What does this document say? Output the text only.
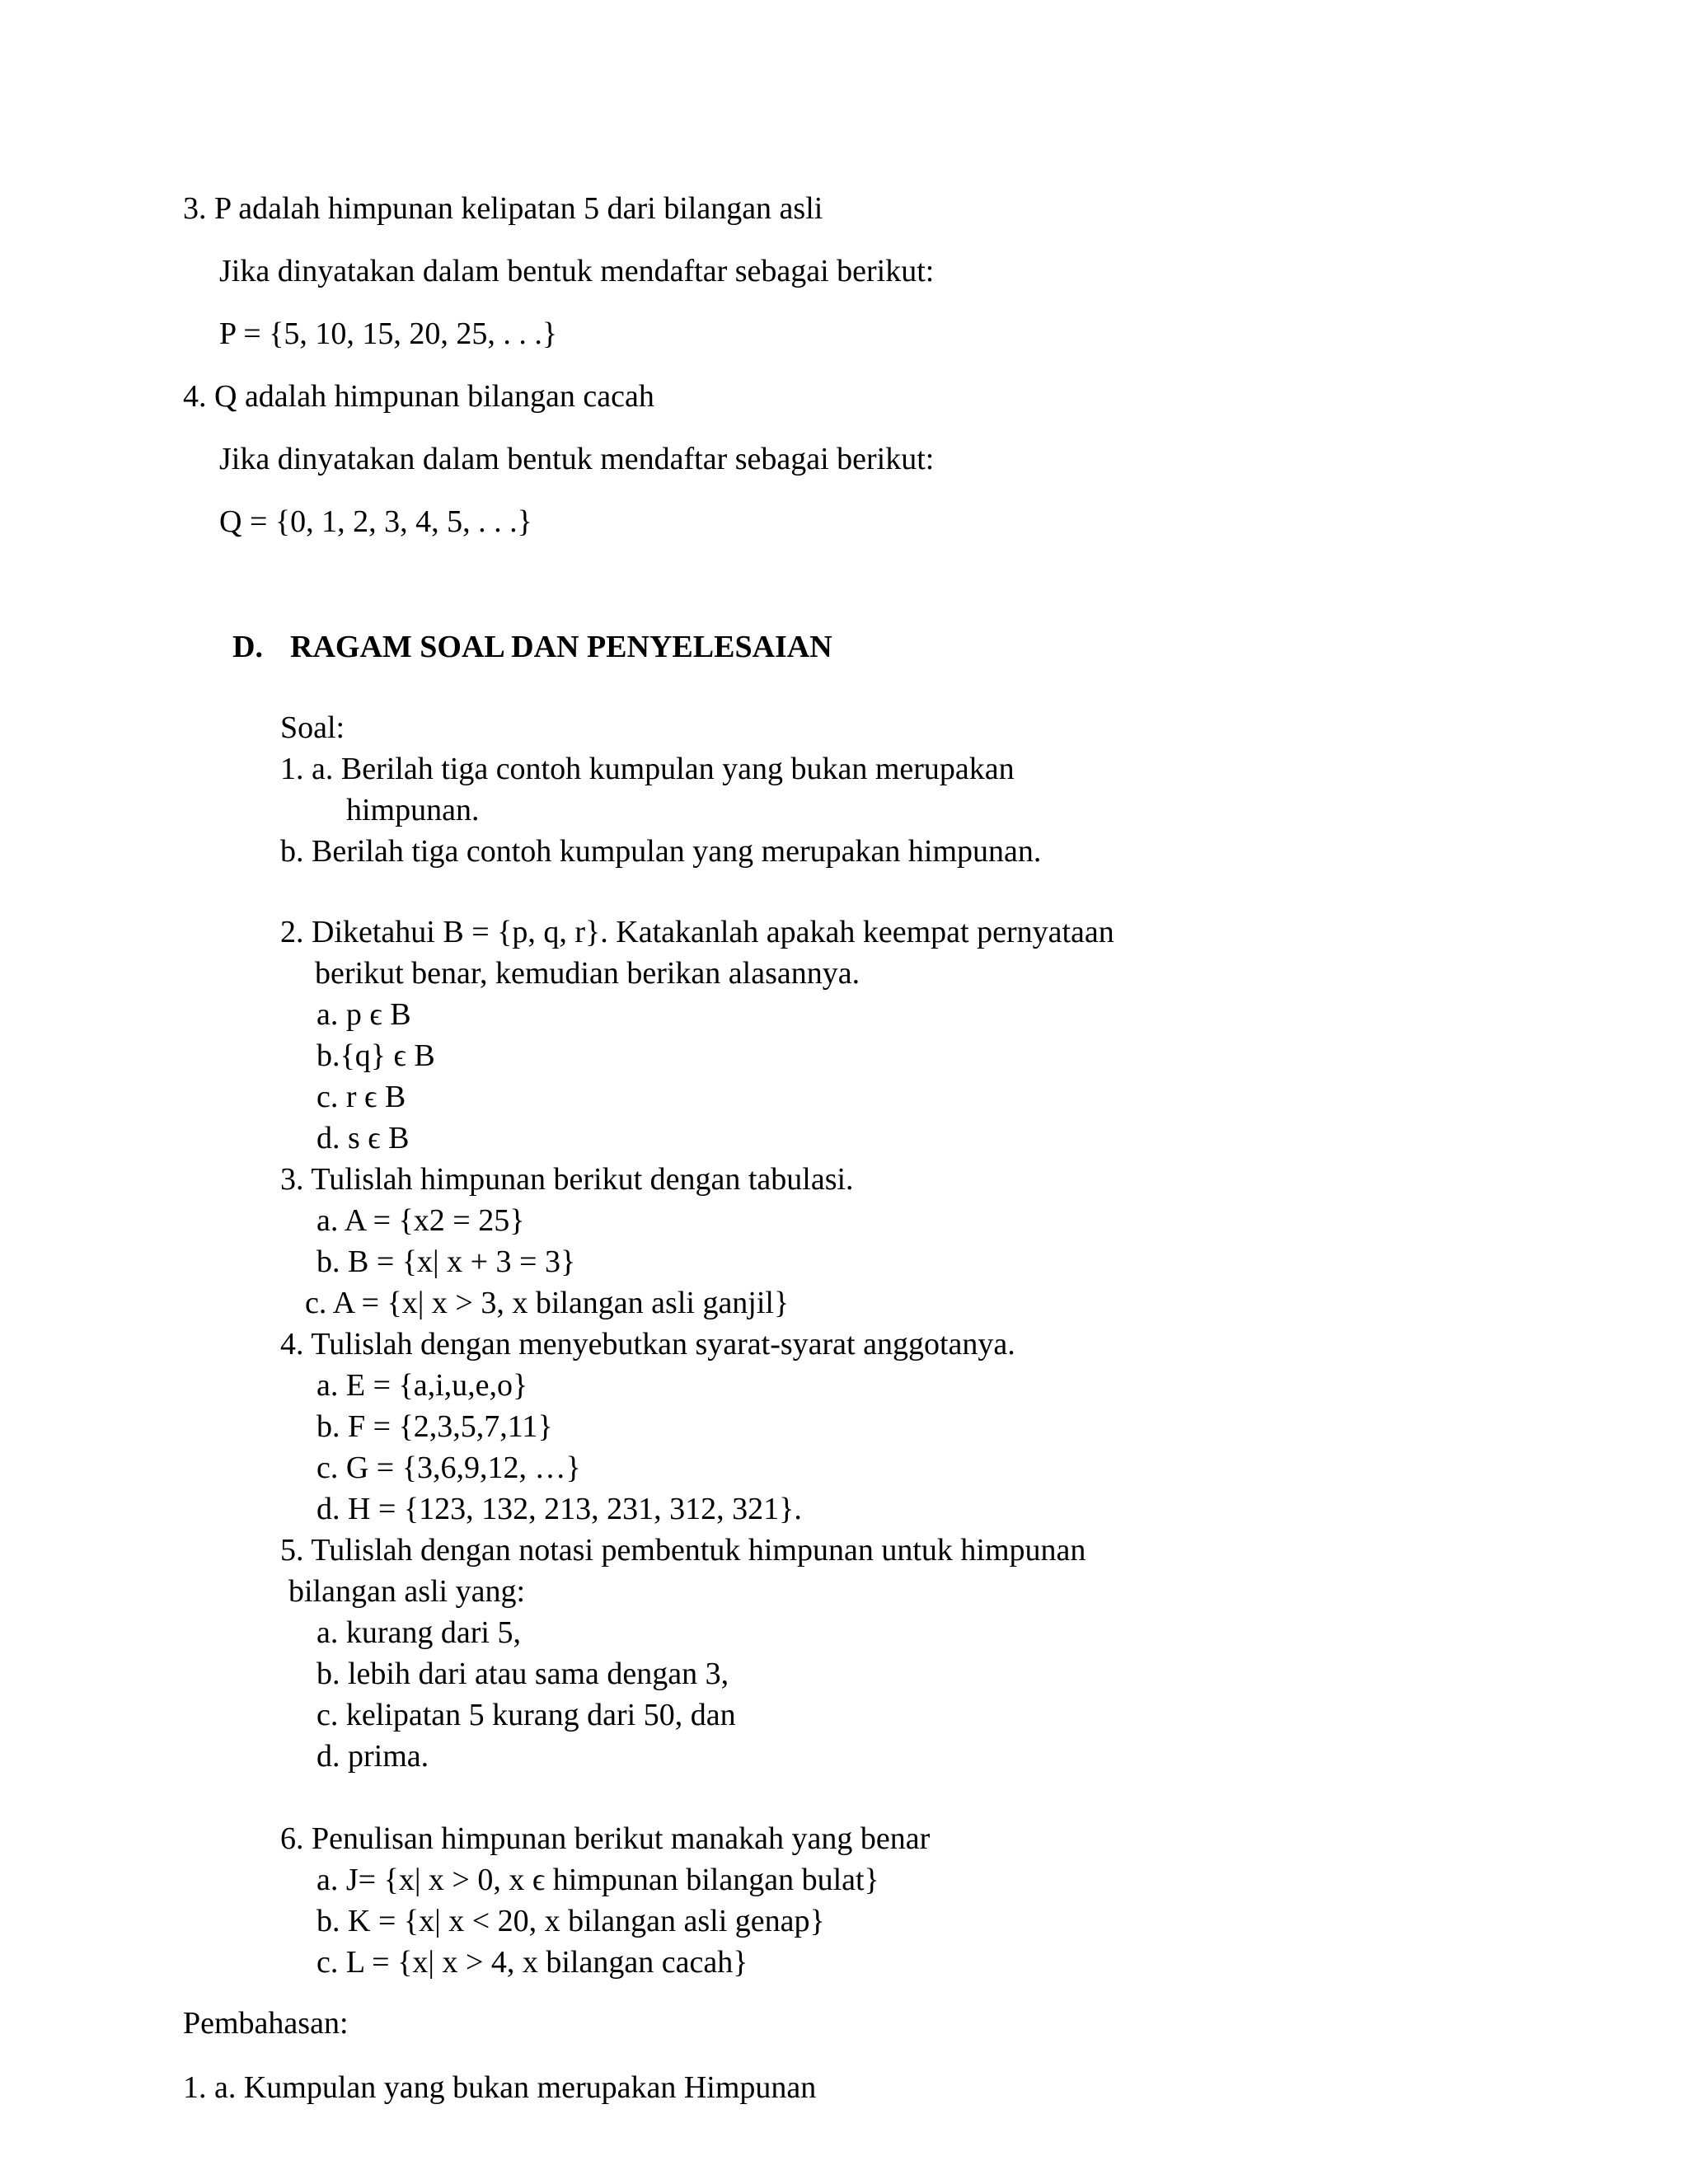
3. P adalah himpunan kelipatan 5 dari bilangan asli
Jika dinyatakan dalam bentuk mendaftar sebagai berikut:
P = {5, 10, 15, 20, 25, . . .}
4. Q adalah himpunan bilangan cacah
Jika dinyatakan dalam bentuk mendaftar sebagai berikut:
Q = {0, 1, 2, 3, 4, 5, . . .}
D. RAGAM SOAL DAN PENYELESAIAN
Soal:
1. a. Berilah tiga contoh kumpulan yang bukan merupakan
himpunan.
b. Berilah tiga contoh kumpulan yang merupakan himpunan.
2. Diketahui B = {p, q, r}. Katakanlah apakah keempat pernyataan
berikut benar, kemudian berikan alasannya.
a. p ϵ B
b.{q} ϵ B
c. r ϵ B
d. s ϵ B
3. Tulislah himpunan berikut dengan tabulasi.
a. A = {x2 = 25}
b. B = {x| x + 3 = 3}
c. A = {x| x > 3, x bilangan asli ganjil}
4. Tulislah dengan menyebutkan syarat-syarat anggotanya.
a. E = {a,i,u,e,o}
b. F = {2,3,5,7,11}
c. G = {3,6,9,12, …}
d. H = {123, 132, 213, 231, 312, 321}.
5. Tulislah dengan notasi pembentuk himpunan untuk himpunan
bilangan asli yang:
a. kurang dari 5,
b. lebih dari atau sama dengan 3,
c. kelipatan 5 kurang dari 50, dan
d. prima.
6. Penulisan himpunan berikut manakah yang benar
a. J= {x| x > 0, x ϵ himpunan bilangan bulat}
b. K = {x| x < 20, x bilangan asli genap}
c. L = {x| x > 4, x bilangan cacah}
Pembahasan:
1. a. Kumpulan yang bukan merupakan Himpunan
